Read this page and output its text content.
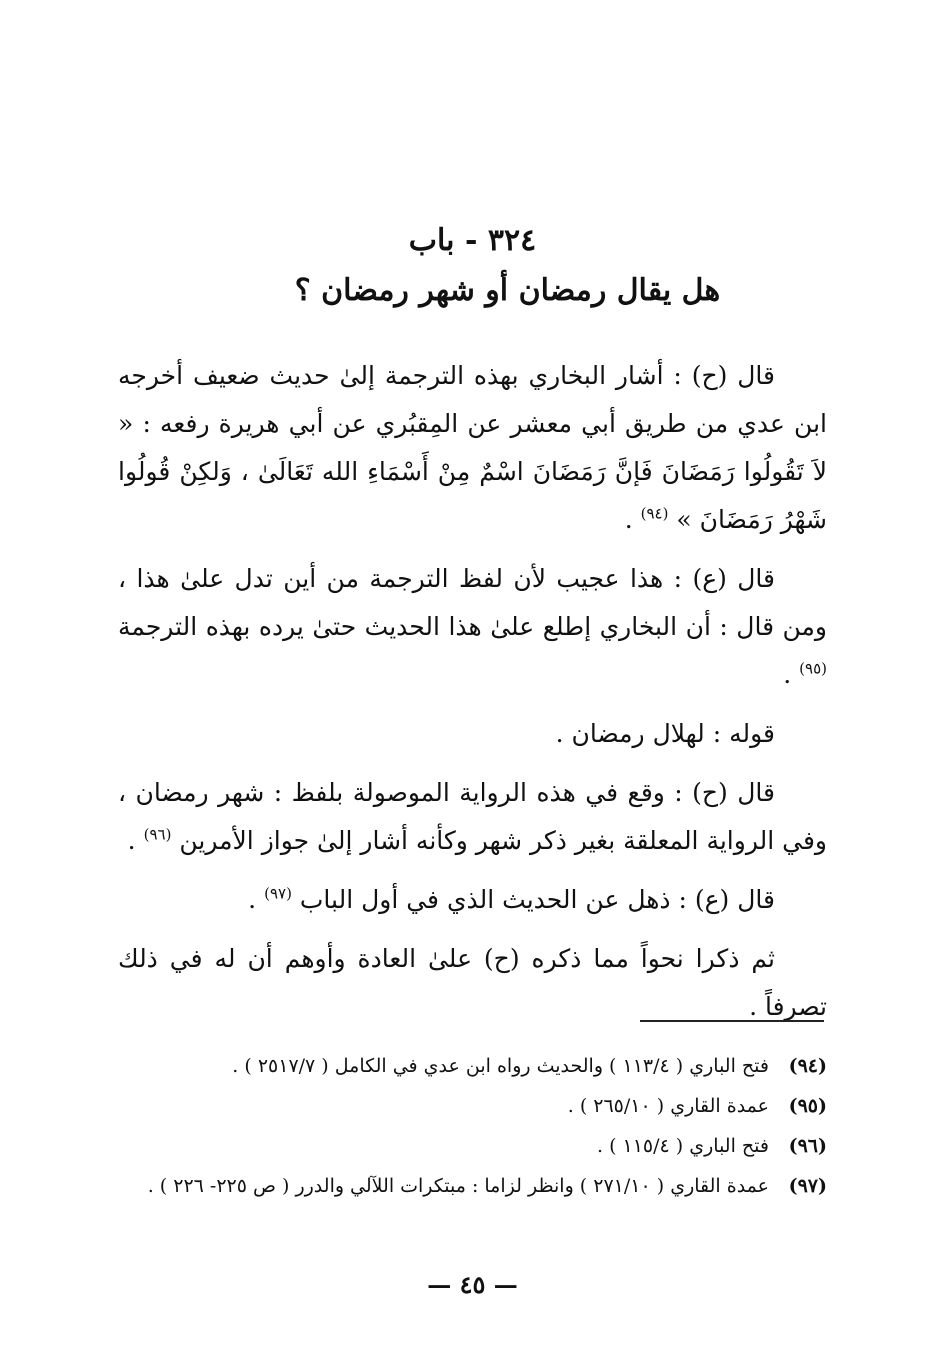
٣٢٤ - باب
هل يقال رمضان أو شهر رمضان ؟

قال (ح) : أشار البخاري بهذه الترجمة إلىٰ حديث ضعيف أخرجه ابن عدي من طريق أبي معشر عن المِقبُري عن أبي هريرة رفعه : « لاَ تَقُولُوا رَمَضَانَ فَإنَّ رَمَضَانَ اسْمٌ مِنْ أَسْمَاءِ الله تَعَالَىٰ ، وَلكِنْ قُولُوا شَهْرُ رَمَضَانَ » $^{(٩٤)}$ .

قال (ع) : هذا عجيب لأن لفظ الترجمة من أين تدل علىٰ هذا ، ومن قال : أن البخاري إطلع علىٰ هذا الحديث حتىٰ يرده بهذه الترجمة $^{(٩٥)}$ .

قوله : لهلال رمضان .

قال (ح) : وقع في هذه الرواية الموصولة بلفظ : شهر رمضان ، وفي الرواية المعلقة بغير ذكر شهر وكأنه أشار إلىٰ جواز الأمرين $^{(٩٦)}$ .

قال (ع) : ذهل عن الحديث الذي في أول الباب $^{(٩٧)}$ .

ثم ذكرا نحواً مما ذكره (ح) علىٰ العادة وأوهم أن له في ذلك تصرفاً .

(٩٤)
فتح الباري ( ١١٣/٤ ) والحديث رواه ابن عدي في الكامل ( ٢٥١٧/٧ ) .
(٩٥)
عمدة القاري ( ٢٦٥/١٠ ) .
(٩٦)
فتح الباري ( ١١٥/٤ ) .
(٩٧)
عمدة القاري ( ٢٧١/١٠ ) وانظر لزاما : مبتكرات اللآلي والدرر ( ص ٢٢٥- ٢٢٦ ) .
— ٤٥ —
